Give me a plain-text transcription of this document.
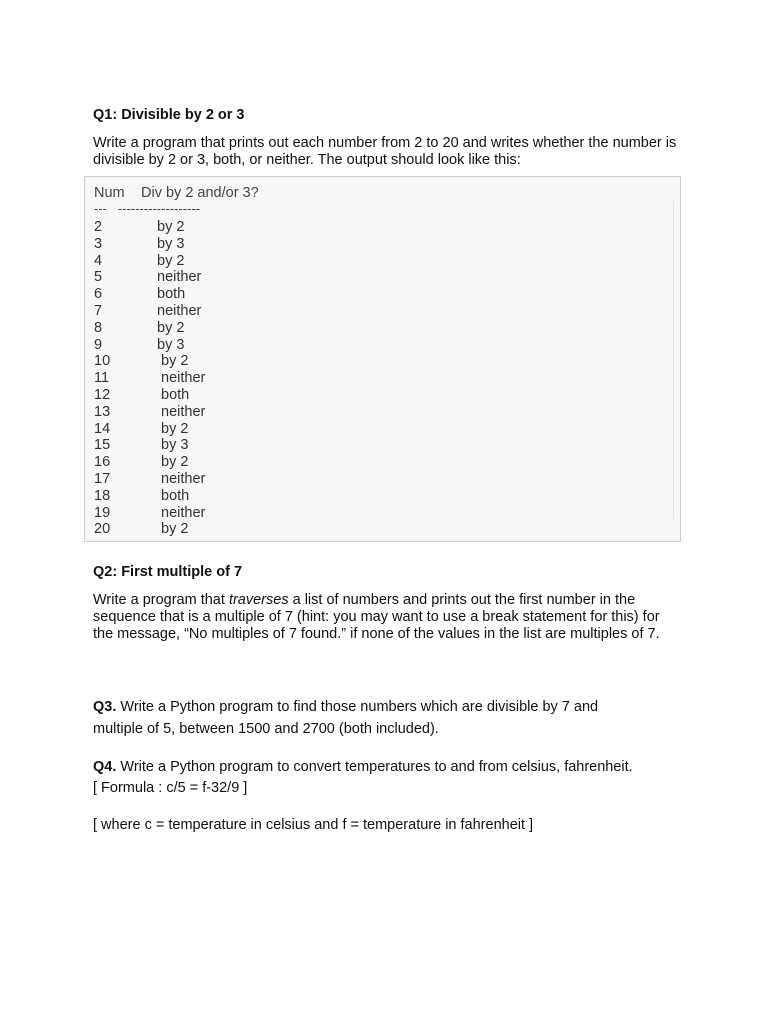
Q1: Divisible by 2 or 3
Write a program that prints out each number from 2 to 20 and writes whether the number is divisible by 2 or 3, both, or neither. The output should look like this:
Num	Div by 2 and/or 3?
---   -------------------
2	by 2
3	by 3
4	by 2
5	neither
6	both
7	neither
8	by 2
9	by 3
10	by 2
11	neither
12	both
13	neither
14	by 2
15	by 3
16	by 2
17	neither
18	both
19	neither
20	by 2
Q2: First multiple of 7
Write a program that traverses a list of numbers and prints out the first number in the sequence that is a multiple of 7 (hint: you may want to use a break statement for this) for the message, “No multiples of 7 found.” if none of the values in the list are multiples of 7.
Q3. Write a Python program to find those numbers which are divisible by 7 and
multiple of 5, between 1500 and 2700 (both included).
Q4. Write a Python program to convert temperatures to and from celsius, fahrenheit.
[ Formula : c/5 = f-32/9 ]
[ where c = temperature in celsius and f = temperature in fahrenheit ]
